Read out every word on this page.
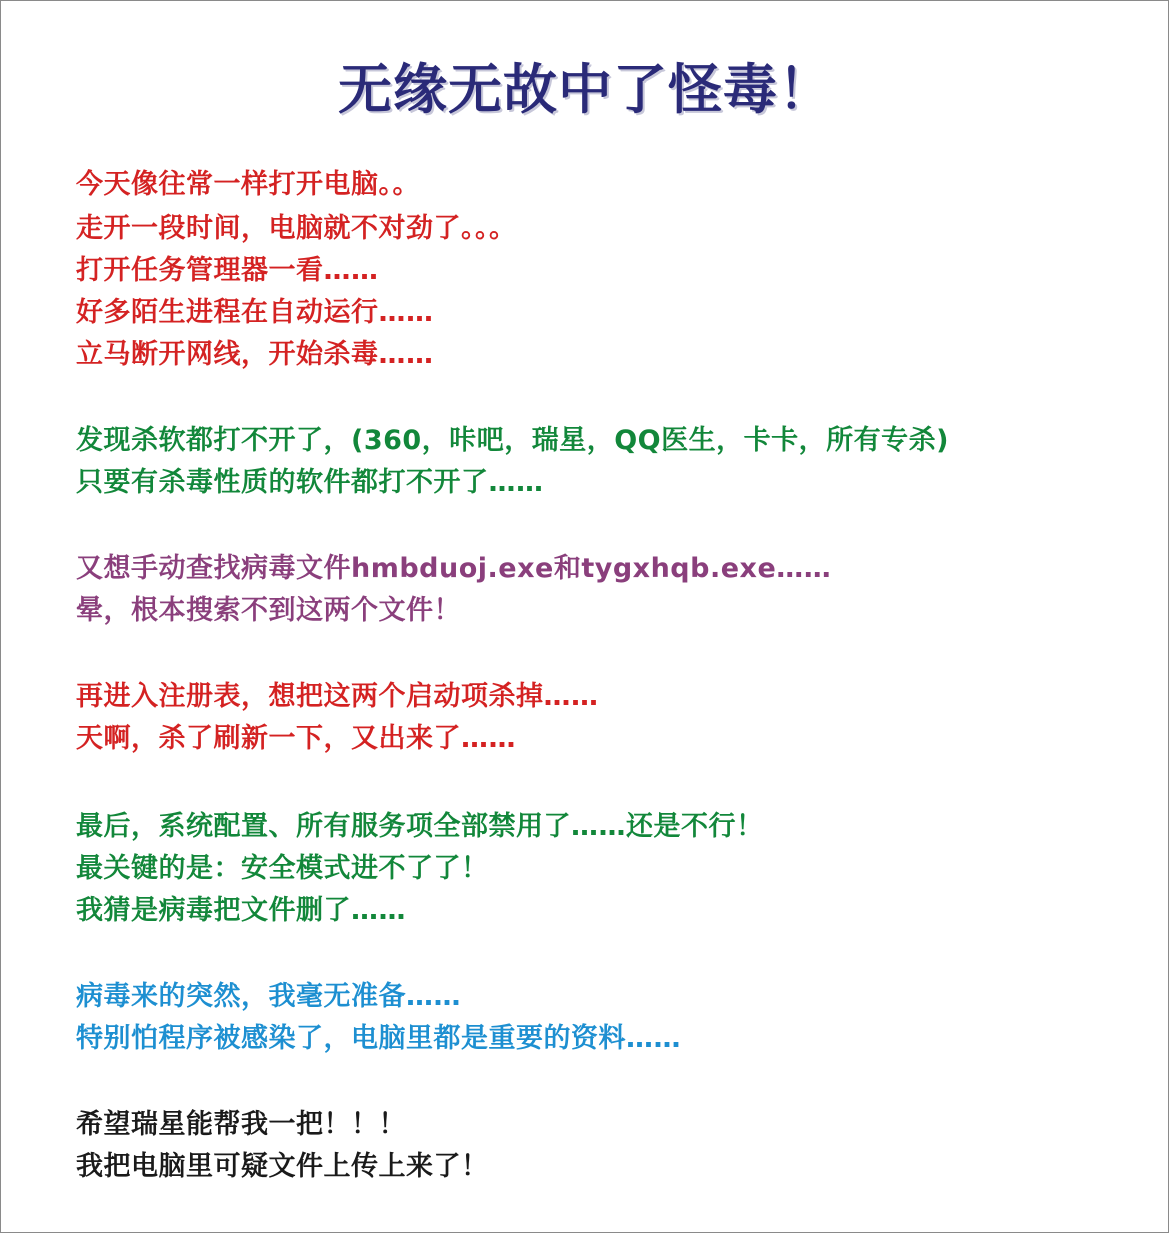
无缘无故中了怪毒！
今天像往常一样打开电脑。。
走开一段时间，电脑就不对劲了。。。
打开任务管理器一看……
好多陌生进程在自动运行……
立马断开网线，开始杀毒……
发现杀软都打不开了，(360，咔吧，瑞星，QQ医生，卡卡，所有专杀)
只要有杀毒性质的软件都打不开了……
又想手动查找病毒文件hmbduoj.exe和tygxhqb.exe……
晕，根本搜索不到这两个文件！
再进入注册表，想把这两个启动项杀掉……
天啊，杀了刷新一下，又出来了……
最后，系统配置、所有服务项全部禁用了……还是不行！
最关键的是：安全模式进不了了！
我猜是病毒把文件删了……
病毒来的突然，我毫无准备……
特别怕程序被感染了，电脑里都是重要的资料……
希望瑞星能帮我一把！！！
我把电脑里可疑文件上传上来了！
